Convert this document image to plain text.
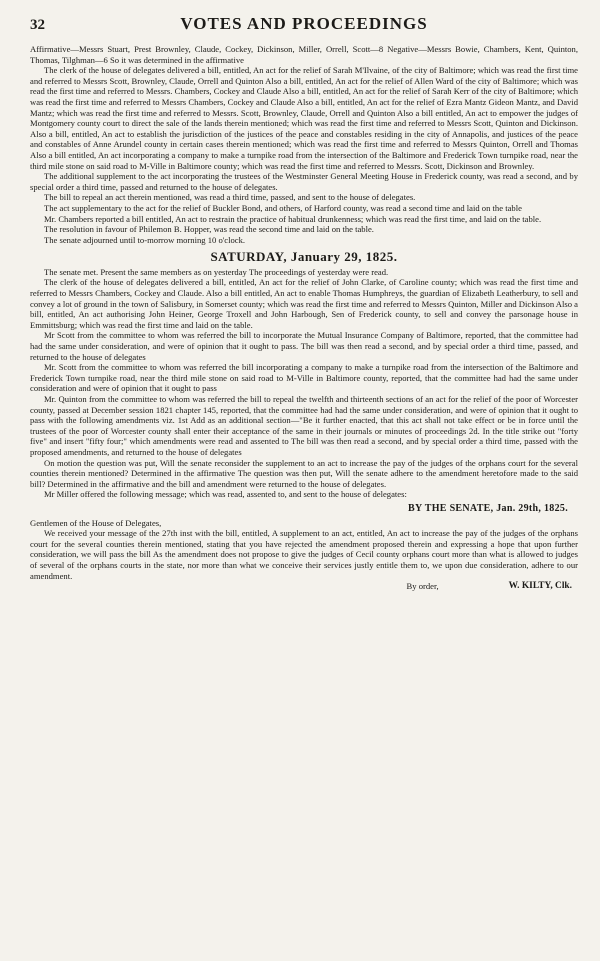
32	VOTES AND PROCEEDINGS

Affirmative—Messrs Stuart, Prest Brownley, Claude, Cockey, Dickinson, Miller, Orrell, Scott—8 Negative—Messrs Bowie, Chambers, Kent, Quinton, Thomas, Tilghman—6 So it was determined in the affirmative

The clerk of the house of delegates delivered a bill, entitled, An act for the relief of Sarah M'Ilvaine, of the city of Baltimore; which was read the first time and referred to Messrs Scott, Brownley, Claude, Orrell and Quinton Also a bill, entitled, An act for the relief of Allen Ward of the city of Baltimore; which was read the first time and referred to Messrs. Chambers, Cockey and Claude Also a bill, entitled, An act for the relief of Sarah Kerr of the city of Baltimore; which was read the first time and referred to Messrs Chambers, Cockey and Claude Also a bill, entitled, An act for the relief of Ezra Mantz Gideon Mantz, and David Mantz; which was read the first time and referred to Messrs. Scott, Brownley, Claude, Orrell and Quinton Also a bill entitled, An act to empower the judges of Montgomery county court to direct the sale of the lands therein mentioned; which was read the first time and referred to Messrs Scott, Quinton and Dickinson. Also a bill, entitled, An act to establish the jurisdiction of the justices of the peace and constables residing in the city of Annapolis, and justices of the peace and constables of Anne Arundel county in certain cases therein mentioned; which was read the first time and referred to Messrs Quinton, Orrell and Thomas Also a bill entitled, An act incorporating a company to make a turnpike road from the intersection of the Baltimore and Frederick Town turnpike road, near the third mile stone on said road to M-Ville in Baltimore county; which was read the first time and referred to Messrs. Scott, Dickinson and Brownley.

The additional supplement to the act incorporating the trustees of the Westminster General Meeting House in Frederick county, was read a second, and by special order a third time, passed and returned to the house of delegates.

The bill to repeal an act therein mentioned, was read a third time, passed, and sent to the house of delegates.

The act supplementary to the act for the relief of Buckler Bond, and others, of Harford county, was read a second time and laid on the table

Mr. Chambers reported a bill entitled, An act to restrain the practice of habitual drunkenness; which was read the first time, and laid on the table.

The resolution in favour of Philemon B. Hopper, was read the second time and laid on the table.

The senate adjourned until to-morrow morning 10 o'clock.

SATURDAY, January 29, 1825.

The senate met. Present the same members as on yesterday The proceedings of yesterday were read.

The clerk of the house of delegates delivered a bill, entitled, An act for the relief of John Clarke, of Caroline county; which was read the first time and referred to Messrs Chambers, Cockey and Claude. Also a bill entitled, An act to enable Thomas Humphreys, the guardian of Elizabeth Leatherbury, to sell and convey a lot of ground in the town of Salisbury, in Somerset county; which was read the first time and referred to Messrs Quinton, Miller and Dickinson Also a bill, entitled, An act authorising John Heiner, George Troxell and John Harbough, Sen of Frederick county, to sell and convey the parsonage house in Emmittsburg; which was read the first time and laid on the table.

Mr Scott from the committee to whom was referred the bill to incorporate the Mutual Insurance Company of Baltimore, reported, that the committee had had the same under consideration, and were of opinion that it ought to pass. The bill was then read a second, and by special order a third time, passed, and returned to the house of delegates

Mr. Scott from the committee to whom was referred the bill incorporating a company to make a turnpike road from the intersection of the Baltimore and Frederick Town turnpike road, near the third mile stone on said road to M-Ville in Baltimore county, reported, that the committee had had the same under consideration and were of opinion that it ought to pass

Mr. Quinton from the committee to whom was referred the bill to repeal the twelfth and thirteenth sections of an act for the relief of the poor of Worcester county, passed at December session 1821 chapter 145, reported, that the committee had had the same under consideration, and were of opinion that it ought to pass with the following amendments viz. 1st Add as an additional section—"Be it further enacted, that this act shall not take effect or be in force until the trustees of the poor of Worcester county shall enter their acceptance of the same in their journals or minutes of proceedings 2d. In the title strike out "forty five" and insert "fifty four;" which amendments were read and assented to The bill was then read a second, and by special order a third time, passed with the proposed amendments, and returned to the house of delegates

On motion the question was put, Will the senate reconsider the supplement to an act to increase the pay of the judges of the orphans court for the several counties therein mentioned? Determined in the affirmative The question was then put, Will the senate adhere to the amendment heretofore made to the said bill? Determined in the affirmative and the bill and amendment were returned to the house of delegates.

Mr Miller offered the following message; which was read, assented to, and sent to the house of delegates:

BY THE SENATE, Jan. 29th, 1825.

Gentlemen of the House of Delegates,

We received your message of the 27th inst with the bill, entitled, A supplement to an act, entitled, An act to increase the pay of the judges of the orphans court for the several counties therein mentioned, stating that you have rejected the amendment proposed therein and expressing a hope that upon further consideration, we will pass the bill As the amendment does not propose to give the judges of Cecil county orphans court more than what is allowed to judges of several of the orphans courts in the state, nor more than what we conceive their services justly entitle them to, we upon due consideration, adhere to our amendment.

By order,	W. KILTY, Clk.
